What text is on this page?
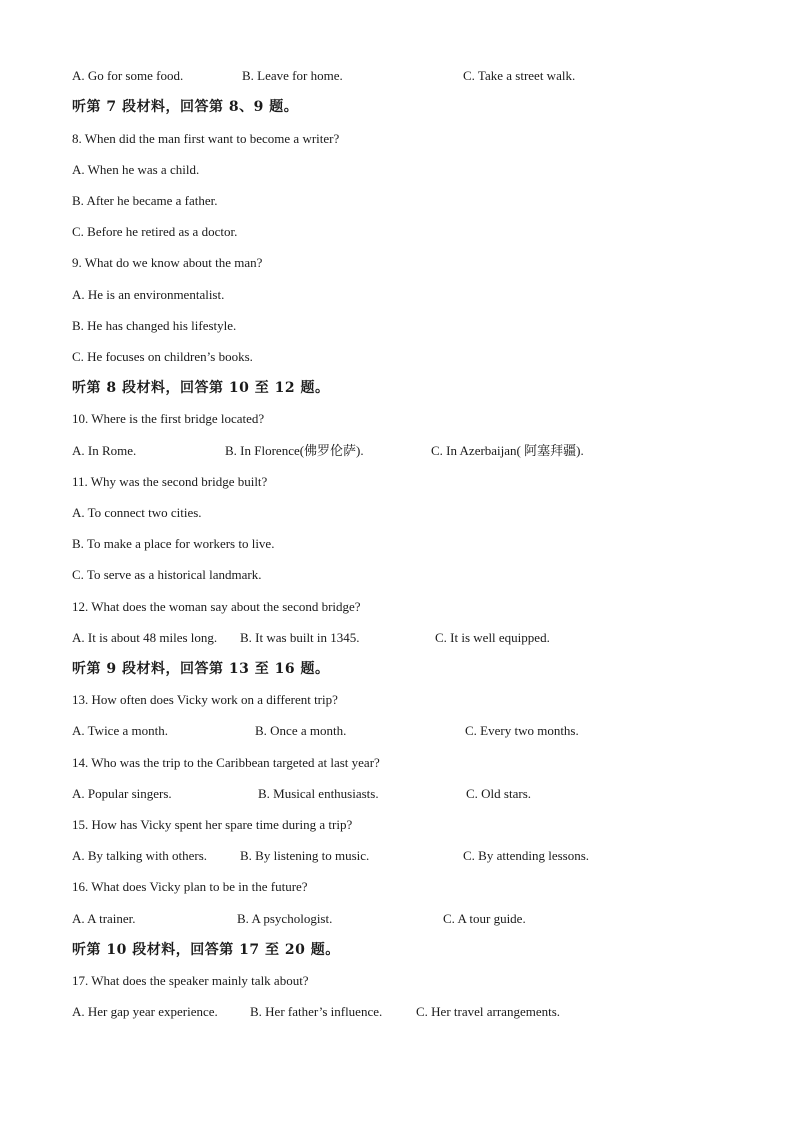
A. Go for some food.	B. Leave for home.	C. Take a street walk.
听第 7 段材料，回答第 8、9 题。
8. When did the man first want to become a writer?
A. When he was a child.
B. After he became a father.
C. Before he retired as a doctor.
9. What do we know about the man?
A. He is an environmentalist.
B. He has changed his lifestyle.
C. He focuses on children’s books.
听第 8 段材料，回答第 10 至 12 题。
10. Where is the first bridge located?
A. In Rome.	B. In Florence(佛罗伦萨).	C. In Azerbaijan( 阿塞拜疆).
11. Why was the second bridge built?
A. To connect two cities.
B. To make a place for workers to live.
C. To serve as a historical landmark.
12. What does the woman say about the second bridge?
A. It is about 48 miles long. B. It was built in 1345.	C. It is well equipped.
听第 9 段材料，回答第 13 至 16 题。
13. How often does Vicky work on a different trip?
A. Twice a month.	B. Once a month.	C. Every two months.
14. Who was the trip to the Caribbean targeted at last year?
A. Popular singers.	B. Musical enthusiasts.	C. Old stars.
15. How has Vicky spent her spare time during a trip?
A. By talking with others.	B. By listening to music.	C. By attending lessons.
16. What does Vicky plan to be in the future?
A. A trainer.	B. A psychologist.	C. A tour guide.
听第 10 段材料，回答第 17 至 20 题。
17. What does the speaker mainly talk about?
A. Her gap year experience. B. Her father’s influence.	C. Her travel arrangements.
